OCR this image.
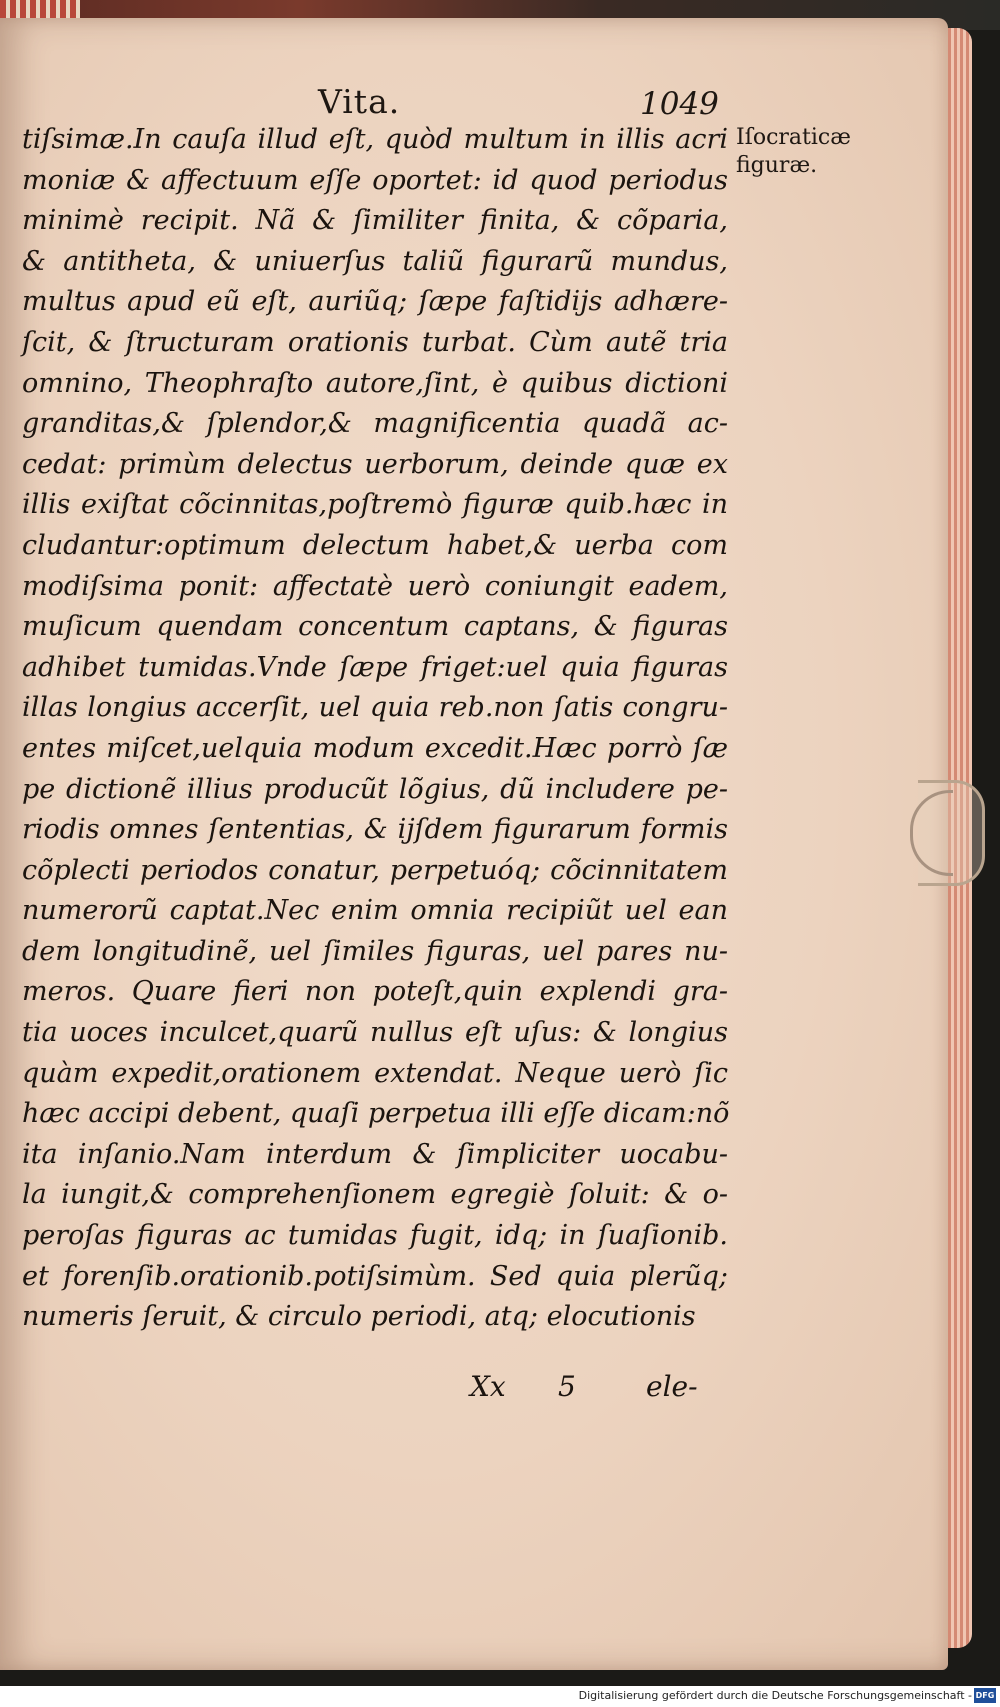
Vita.	1049
tiſsimæ.In cauſa illud eſt, quòd multum in illis acri
moniæ & affectuum eſſe oportet: id quod periodus
minimè recipit. Nã & ſimiliter finita, & cõparia,
& antitheta, & uniuerſus taliũ figurarũ mundus,
multus apud eũ eſt, auriũq; ſæpe faſtidijs adhære-
ſcit, & ſtructuram orationis turbat. Cùm autẽ tria
omnino, Theophraſto autore,ſint, è quibus dictioni
granditas,& ſplendor,& magnificentia quadã ac-
cedat: primùm delectus uerborum, deinde quæ ex
illis exiſtat cõcinnitas,poſtremò figuræ quib.hæc in
cludantur:optimum delectum habet,& uerba com
modiſsima ponit: affectatè uerò coniungit eadem,
muſicum quendam concentum captans, & figuras
adhibet tumidas.Vnde ſæpe friget:uel quia figuras
illas longius accerſit, uel quia reb.non ſatis congru-
entes miſcet,uelquia modum excedit.Hæc porrò ſæ
pe dictionẽ illius producũt lõgius, dũ includere pe-
riodis omnes ſententias, & ijſdem figurarum formis
cõplecti periodos conatur, perpetuóq; cõcinnitatem
numerorũ captat.Nec enim omnia recipiũt uel ean
dem longitudinẽ, uel ſimiles figuras, uel pares nu-
meros. Quare fieri non poteſt,quin explendi gra-
tia uoces inculcet,quarũ nullus eſt uſus: & longius
quàm expedit,orationem extendat. Neque uerò ſic
hæc accipi debent, quaſi perpetua illi eſſe dicam:nõ
ita inſanio.Nam interdum & ſimpliciter uocabu-
la iungit,& comprehenſionem egregiè ſoluit: & o-
peroſas figuras ac tumidas fugit, idq; in ſuaſionib.
et forenſib.orationib.potiſsimùm. Sed quia plerũq;
numeris ſeruit, & circulo periodi, atq; elocutionis
Iſocraticæ
figuræ.
Xx 5	ele-
Digitalisierung gefördert durch die Deutsche Forschungsgemeinschaft - DFG
